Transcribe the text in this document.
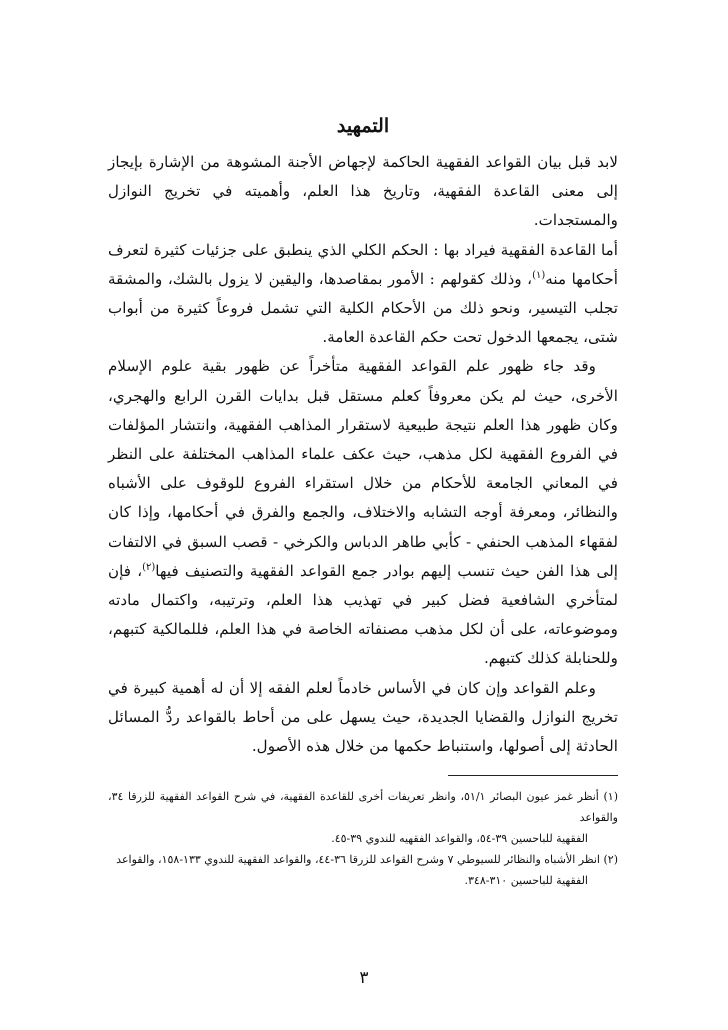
التمهيد

لابد قبل بيان القواعد الفقهية الحاكمة لإجهاض الأجنة المشوهة من الإشارة بإيجاز إلى معنى القاعدة الفقهية، وتاريخ هذا العلم، وأهميته في تخريج النوازل والمستجدات.

أما القاعدة الفقهية فيراد بها : الحكم الكلي الذي ينطبق على جزئيات كثيرة لتعرف أحكامها منه$^{(١)}$، وذلك كقولهم : الأمور بمقاصدها، واليقين لا يزول بالشك، والمشقة تجلب التيسير، ونحو ذلك من الأحكام الكلية التي تشمل فروعاً كثيرة من أبواب شتى، يجمعها الدخول تحت حكم القاعدة العامة.

وقد جاء ظهور علم القواعد الفقهية متأخراً عن ظهور بقية علوم الإسلام الأخرى، حيث لم يكن معروفاً كعلم مستقل قبل بدايات القرن الرابع والهجري، وكان ظهور هذا العلم نتيجة طبيعية لاستقرار المذاهب الفقهية، وانتشار المؤلفات في الفروع الفقهية لكل مذهب، حيث عكف علماء المذاهب المختلفة على النظر في المعاني الجامعة للأحكام من خلال استقراء الفروع للوقوف على الأشباه والنظائر، ومعرفة أوجه التشابه والاختلاف، والجمع والفرق في أحكامها، وإذا كان لفقهاء المذهب الحنفي - كأبي طاهر الدباس والكرخي - قصب السبق في الالتفات إلى هذا الفن حيث تنسب إليهم بوادر جمع القواعد الفقهية والتصنيف فيها$^{(٢)}$، فإن لمتأخري الشافعية فضل كبير في تهذيب هذا العلم، وترتيبه، واكتمال مادته وموضوعاته، على أن لكل مذهب مصنفاته الخاصة في هذا العلم، فللمالكية كتبهم، وللحنابلة كذلك كتبهم.

وعلم القواعد وإن كان في الأساس خادماً لعلم الفقه إلا أن له أهمية كبيرة في تخريج النوازل والقضايا الجديدة، حيث يسهل على من أحاط بالقواعد ردُّ المسائل الحادثة إلى أصولها، واستنباط حكمها من خلال هذه الأصول.

(١) أنظر غمز عيون البصائر ٥١/١، وانظر تعريفات أخرى للقاعدة الفقهية، في شرح القواعد الفقهية للزرقا ٣٤، والقواعد

الفقهية للباحسين ٣٩-٥٤، والقواعد الفقهيه للندوي ٣٩-٤٥.

(٢) انظر الأشباه والنظائر للسيوطي ٧ وشرح القواعد للزرقا ٣٦-٤٤، والقواعد الفقهية للندوي ١٣٣-١٥٨، والقواعد

الفقهية للباحسين ٣١٠-٣٤٨.

٣
